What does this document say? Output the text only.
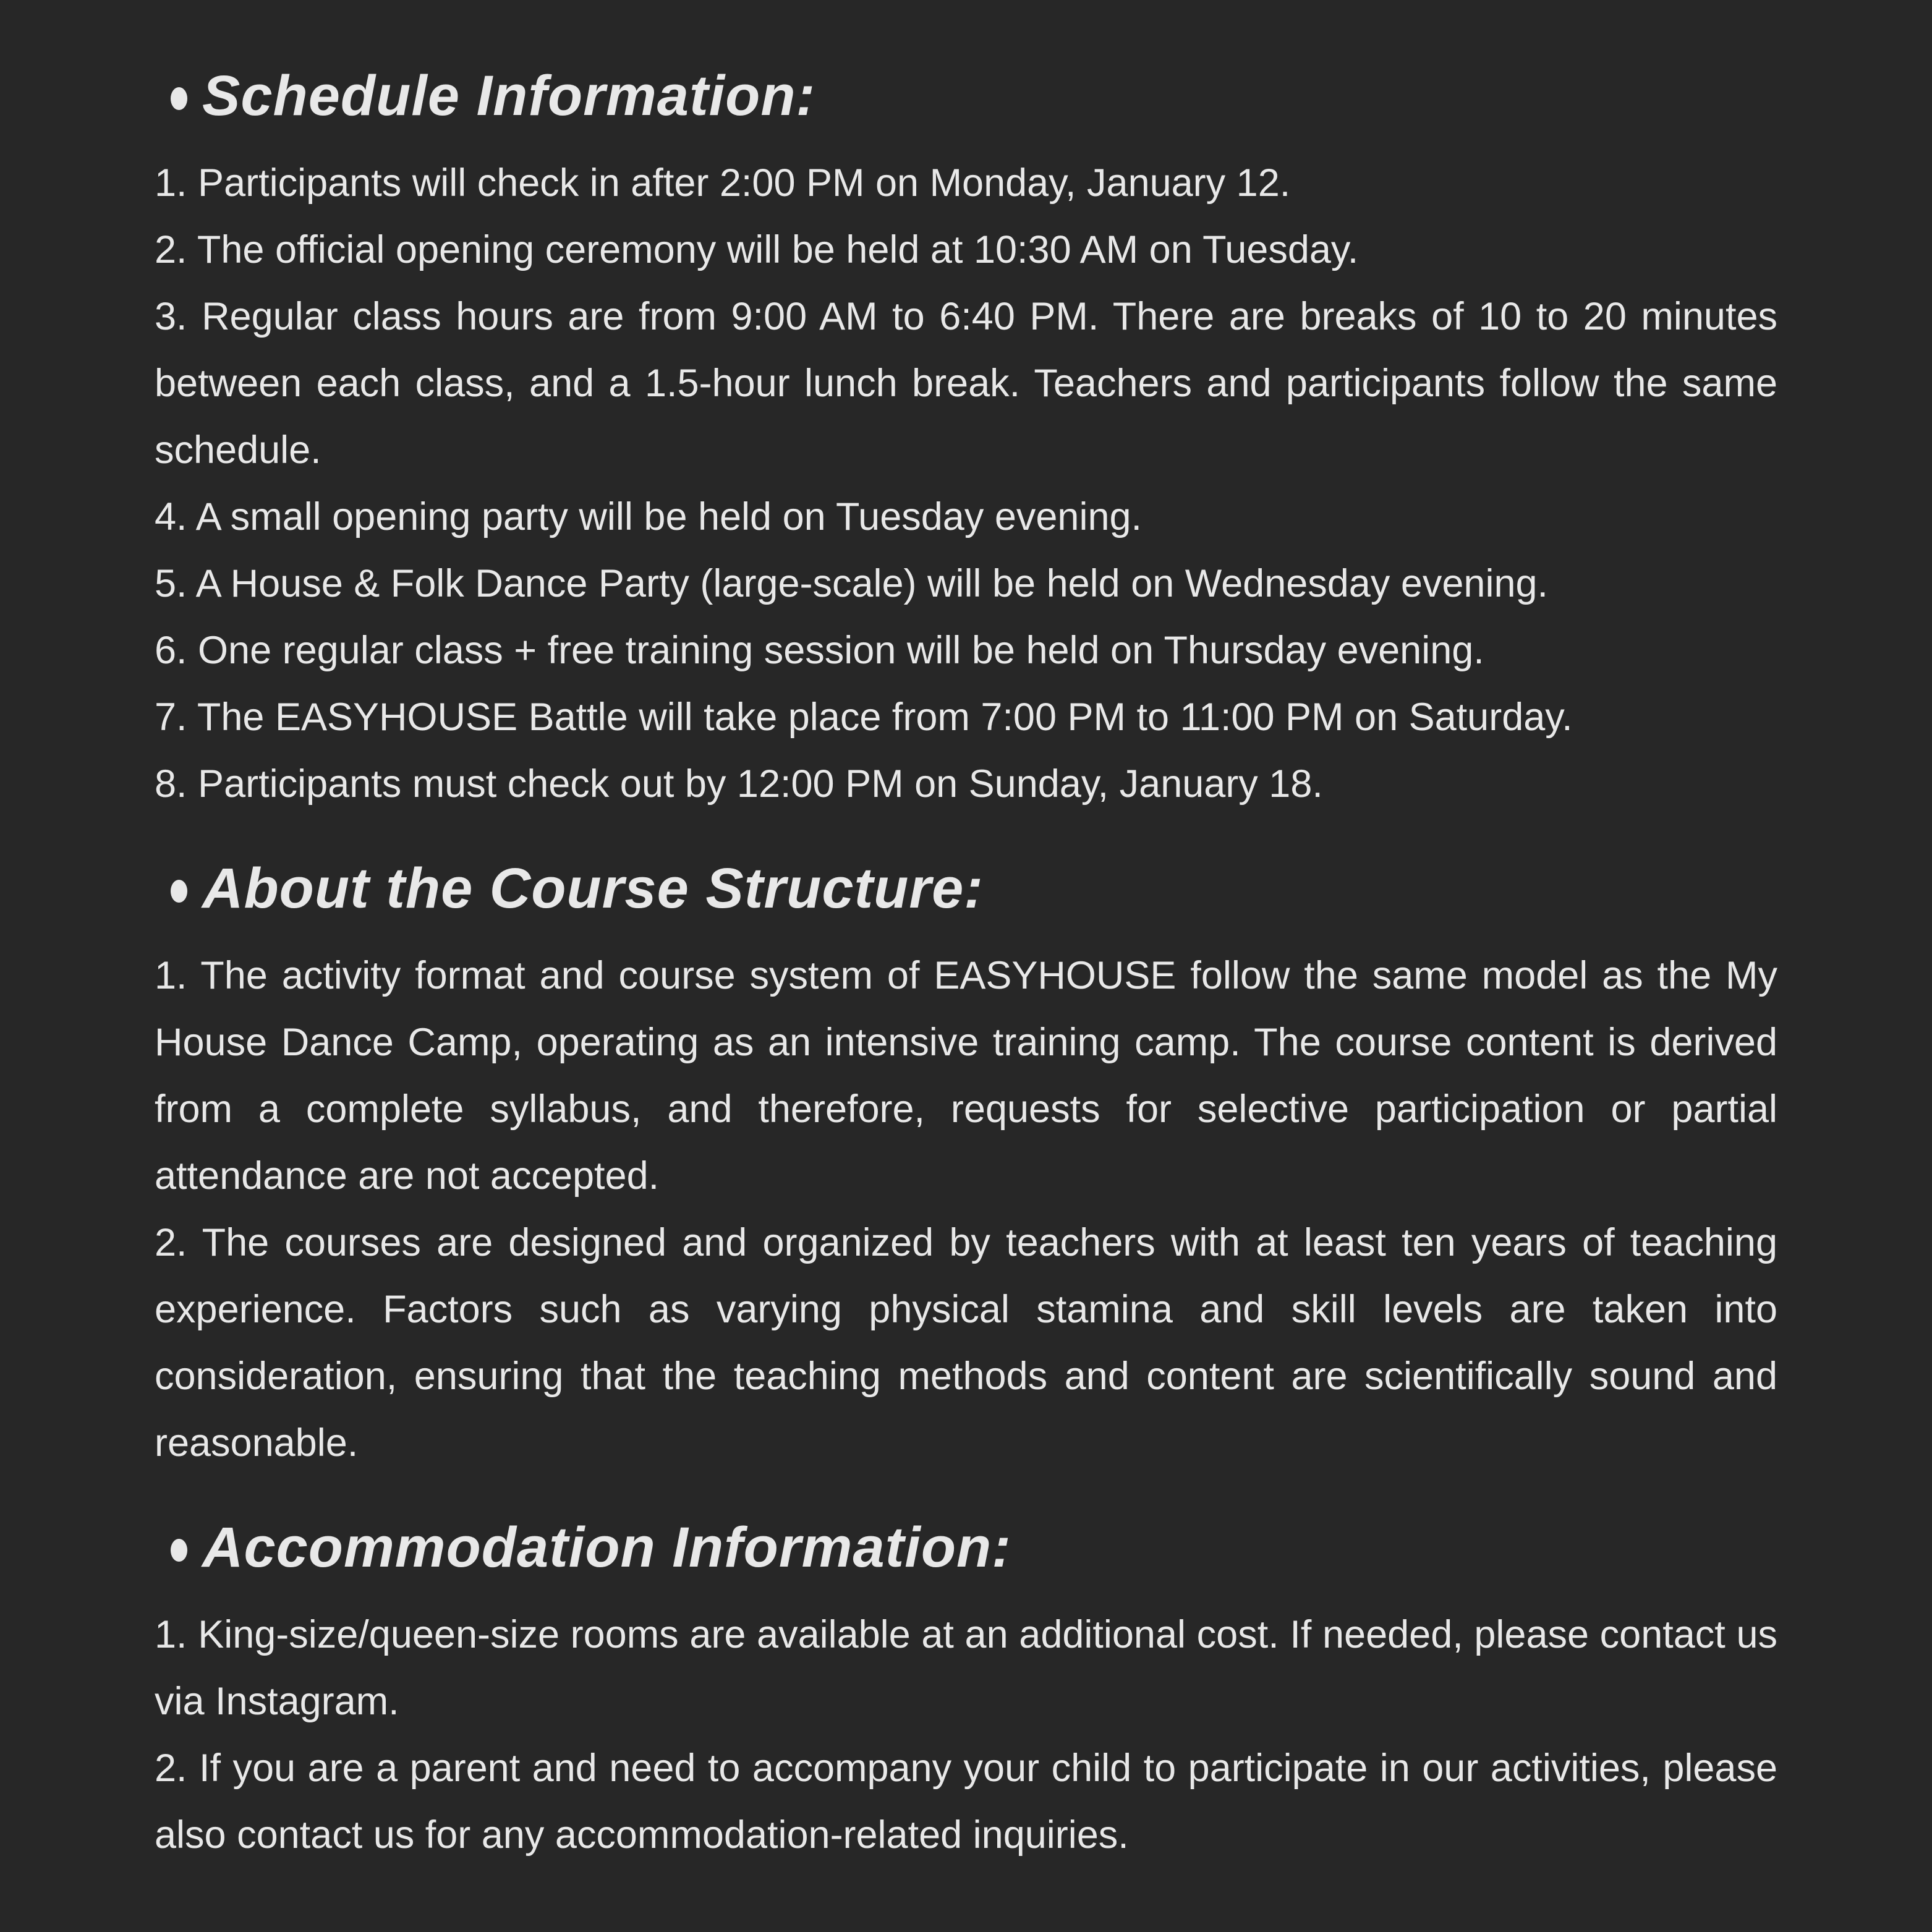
Schedule Information:

1. Participants will check in after 2:00 PM on Monday, January 12.

2. The official opening ceremony will be held at 10:30 AM on Tuesday.

3. Regular class hours are from 9:00 AM to 6:40 PM. There are breaks of 10 to 20 minutes between each class, and a 1.5-hour lunch break. Teachers and participants follow the same schedule.

4. A small opening party will be held on Tuesday evening.

5. A House & Folk Dance Party (large-scale) will be held on Wednesday evening.

6. One regular class + free training session will be held on Thursday evening.

7. The EASYHOUSE Battle will take place from 7:00 PM to 11:00 PM on Saturday.

8. Participants must check out by 12:00 PM on Sunday, January 18.

About the Course Structure:

1. The activity format and course system of EASYHOUSE follow the same model as the My House Dance Camp, operating as an intensive training camp. The course content is derived from a complete syllabus, and therefore, requests for selective participation or partial attendance are not accepted.

2. The courses are designed and organized by teachers with at least ten years of teaching experience. Factors such as varying physical stamina and skill levels are taken into consideration, ensuring that the teaching methods and content are scientifically sound and reasonable.

Accommodation Information:

1. King-size/queen-size rooms are available at an additional cost. If needed, please contact us via Instagram.

2. If you are a parent and need to accompany your child to participate in our activities, please also contact us for any accommodation-related inquiries.
